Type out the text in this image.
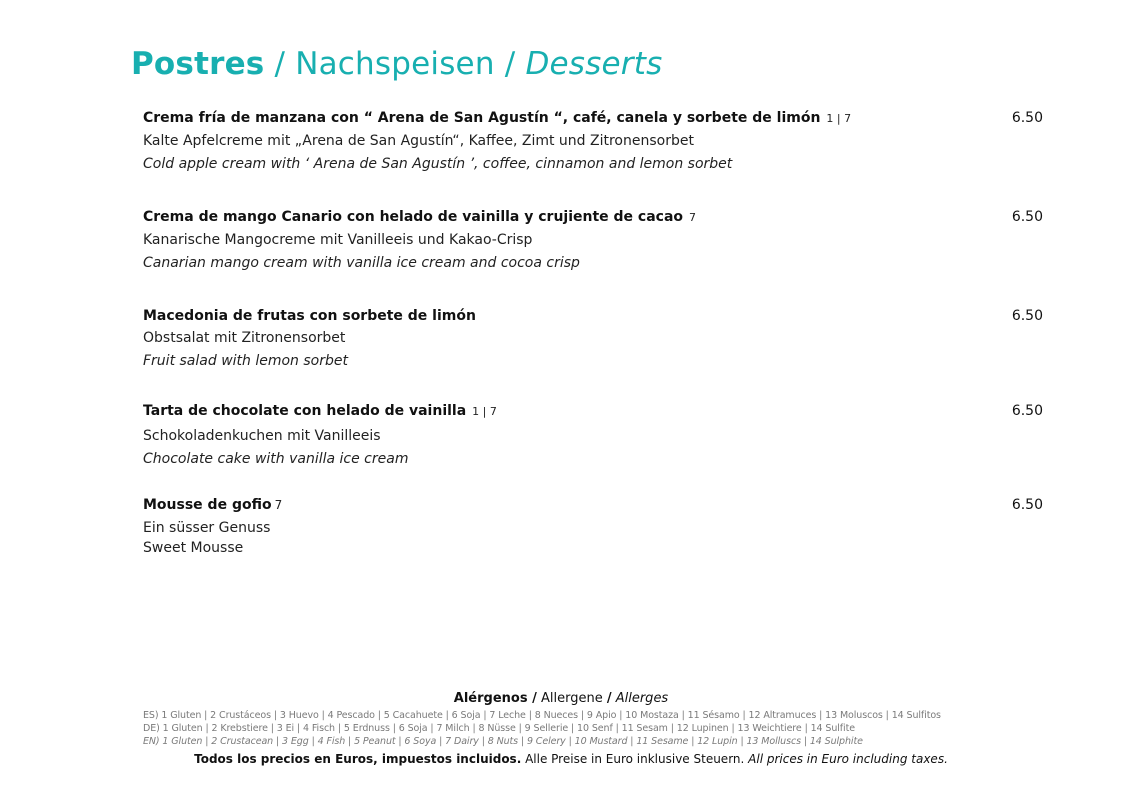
Postres / Nachspeisen / Desserts
Crema fría de manzana con “ Arena de San Agustín “, café, canela y sorbete de limón 1 | 7	6.50
Kalte Apfelcreme mit „Arena de San Agustín“, Kaffee, Zimt und Zitronensorbet
Cold apple cream with ‘ Arena de San Agustín ’, coffee, cinnamon and lemon sorbet
Crema de mango Canario con helado de vainilla y crujiente de cacao 7	6.50
Kanarische Mangocreme mit Vanilleeis und Kakao-Crisp
Canarian mango cream with vanilla ice cream and cocoa crisp
Macedonia de frutas con sorbete de limón	6.50
Obstsalat mit Zitronensorbet
Fruit salad with lemon sorbet
Tarta de chocolate con helado de vainilla 1 | 7	6.50
Schokoladenkuchen mit Vanilleeis
Chocolate cake with vanilla ice cream
Mousse de gofio 7	6.50
Ein süsser Genuss
Sweet Mousse
Alérgenos / Allergene / Allerges
ES) 1 Gluten | 2 Crustáceos | 3 Huevo | 4 Pescado | 5 Cacahuete | 6 Soja | 7 Leche | 8 Nueces | 9 Apio | 10 Mostaza | 11 Sésamo | 12 Altramuces | 13 Moluscos | 14 Sulfitos
DE) 1 Gluten | 2 Krebstiere | 3 Ei | 4 Fisch | 5 Erdnuss | 6 Soja | 7 Milch | 8 Nüsse | 9 Sellerie | 10 Senf | 11 Sesam | 12 Lupinen | 13 Weichtiere | 14 Sulfite
EN) 1 Gluten | 2 Crustacean | 3 Egg | 4 Fish | 5 Peanut | 6 Soya | 7 Dairy | 8 Nuts | 9 Celery | 10 Mustard | 11 Sesame | 12 Lupin | 13 Molluscs | 14 Sulphite
Todos los precios en Euros, impuestos incluidos. Alle Preise in Euro inklusive Steuern. All prices in Euro including taxes.
